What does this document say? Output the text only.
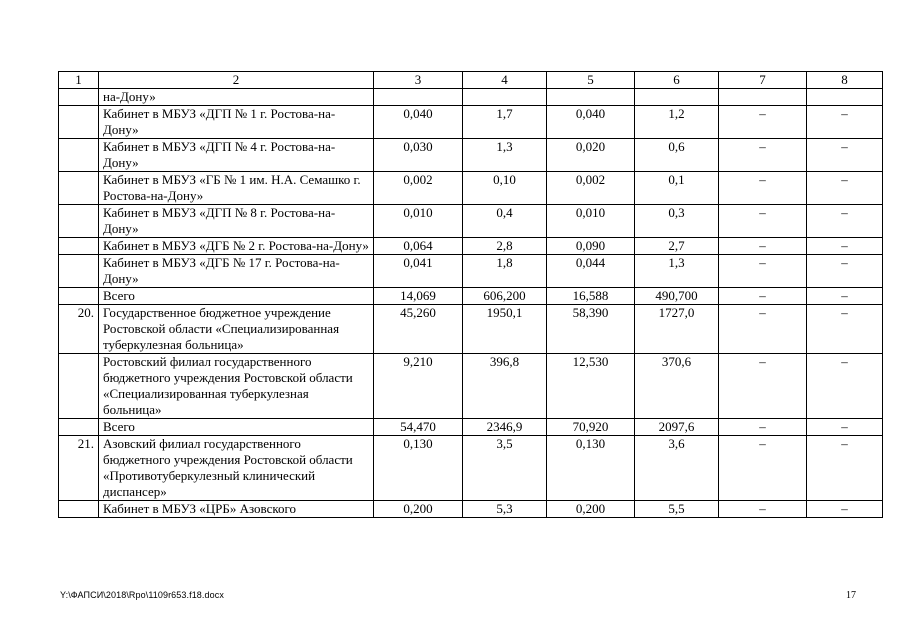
1	2	3	4	5	6	7	8
	на-Дону»						
	Кабинет в МБУЗ «ДГП № 1 г. Ростова-на-Дону»	0,040	1,7	0,040	1,2	–	–
	Кабинет в МБУЗ «ДГП № 4 г. Ростова-на-Дону»	0,030	1,3	0,020	0,6	–	–
	Кабинет в МБУЗ «ГБ № 1 им. Н.А. Семашко г. Ростова-на-Дону»	0,002	0,10	0,002	0,1	–	–
	Кабинет в МБУЗ «ДГП № 8 г. Ростова-на-Дону»	0,010	0,4	0,010	0,3	–	–
	Кабинет в МБУЗ «ДГБ № 2 г. Ростова-на-Дону»	0,064	2,8	0,090	2,7	–	–
	Кабинет в МБУЗ «ДГБ № 17 г. Ростова-на-Дону»	0,041	1,8	0,044	1,3	–	–
	Всего	14,069	606,200	16,588	490,700	–	–
20.	Государственное бюджетное учреждение Ростовской области «Специализированная туберкулезная больница»	45,260	1950,1	58,390	1727,0	–	–
	Ростовский филиал государственного бюджетного учреждения Ростовской области «Специализированная туберкулезная больница»	9,210	396,8	12,530	370,6	–	–
	Всего	54,470	2346,9	70,920	2097,6	–	–
21.	Азовский филиал государственного бюджетного учреждения Ростовской области «Противотуберкулезный клинический диспансер»	0,130	3,5	0,130	3,6	–	–
	Кабинет в МБУЗ «ЦРБ» Азовского	0,200	5,3	0,200	5,5	–	–
Y:\ФАПСИ\2018\Rpo\1109r653.f18.docx	17
